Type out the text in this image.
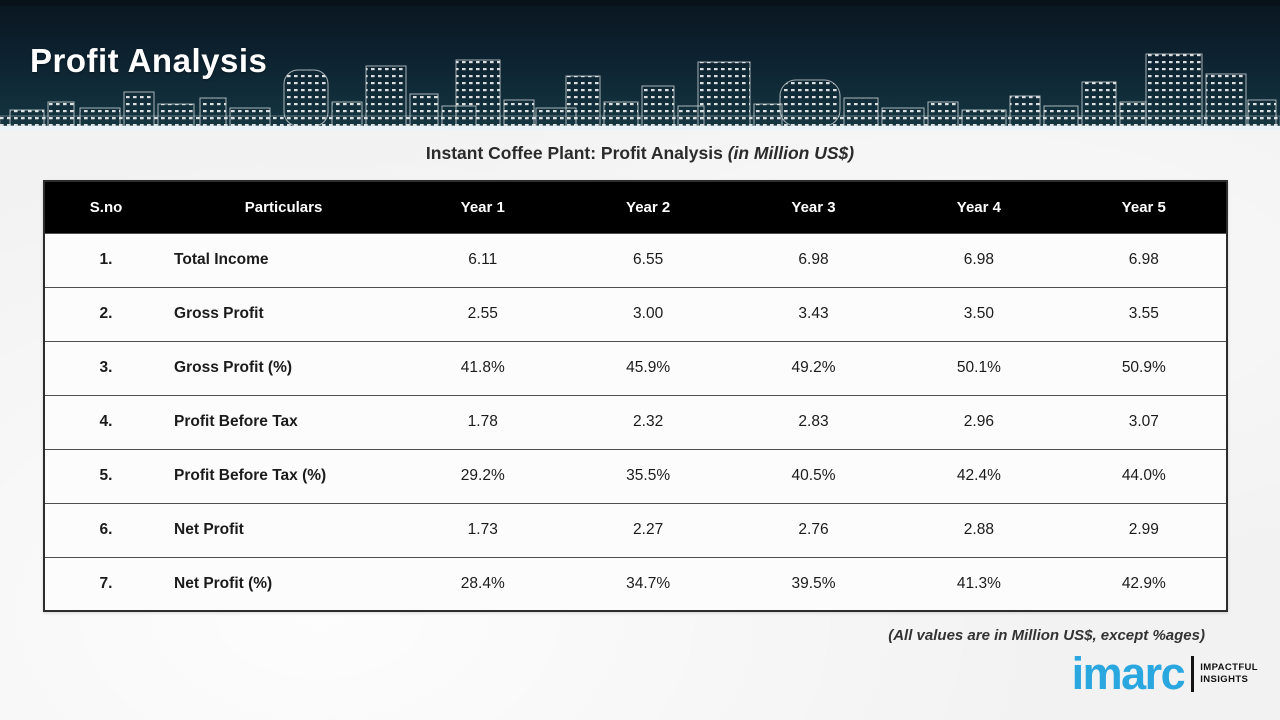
Profit Analysis
Instant Coffee Plant: Profit Analysis (in Million US$)
S.no	Particulars	Year 1	Year 2	Year 3	Year 4	Year 5
1.	Total Income	6.11	6.55	6.98	6.98	6.98
2.	Gross Profit	2.55	3.00	3.43	3.50	3.55
3.	Gross Profit (%)	41.8%	45.9%	49.2%	50.1%	50.9%
4.	Profit Before Tax	1.78	2.32	2.83	2.96	3.07
5.	Profit Before Tax (%)	29.2%	35.5%	40.5%	42.4%	44.0%
6.	Net Profit	1.73	2.27	2.76	2.88	2.99
7.	Net Profit (%)	28.4%	34.7%	39.5%	41.3%	42.9%
(All values are in Million US$, except %ages)
imarc IMPACTFUL
INSIGHTS
